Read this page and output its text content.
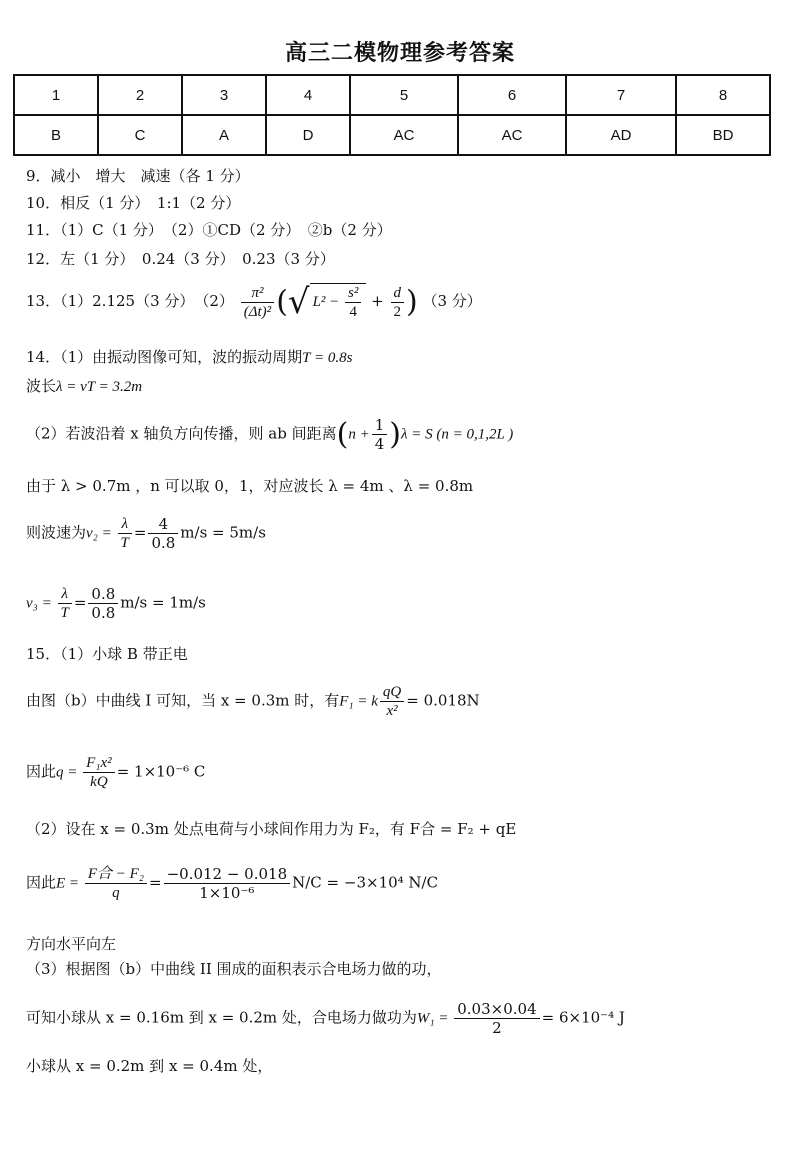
高三二模物理参考答案
1	2	3	4	5	6	7	8
B	C	A	D	AC	AC	AD	BD
9．减小　增大　减速（各 1 分）
10．相反（1 分）　1:1（2 分）
11．（1）C（1 分）　（2）①CD（2 分）　②b（2 分）
12．左（1 分）　0.24（3 分）　0.23（3 分）
13．（1）2.125（3 分）　$(2) \frac{\text{π²}}{\text{(Δt)²}}$ (√ $L^2 - \frac{\text{s²}}{4} + \frac{d}{2}$ ) （3 分）
14．（1）由振动图像可知，波的振动周期T = 0.8s
波长λ = vT = 3.2m
（2）若波沿着 x 轴负方向传播，则 ab 间距离$(n + \frac{1}{4} )\lambda = S$ (n = 0,1,2L )
由于 λ > 0.7m ，n 可以取 0，1，对应波长 λ = 4m 、λ = 0.8m
则波速为$v_2 = \frac{\lambda}{T} = \frac{4}{0.8} m/s = 5m/s$
$v_3 = \frac{\lambda}{T} = \frac{0.8}{0.8} m/s = 1m/s$
15．（1）小球 B 带正电
由图（b）中曲线 I 可知，当 x = 0.3m 时，有F₁ = k $\frac{qQ}{\text{x²}} = 0.018N$
因此$q = \frac{\text{F₁x²}}{kQ} = 1\times 10^{-6}$ C
（2）设在 x = 0.3m 处点电荷与小球间作用力为 F₂，有 F合 = F₂ + qE
因此$E = \frac{\text{F合 − F₂}}{q} = \frac{-0.012 - 0.018}{\text{1×10⁻⁶}} N/C = -3\times 10^4$ N/C
方向水平向左
（3）根据图（b）中曲线 II 围成的面积表示合电场力做的功，
可知小球从 x = 0.16m 到 x = 0.2m 处，合电场力做功为$W_1 = \frac{0.03\times 0.04}{2} = 6\times 10^{-4}$ J
小球从 x = 0.2m 到 x = 0.4m 处，
